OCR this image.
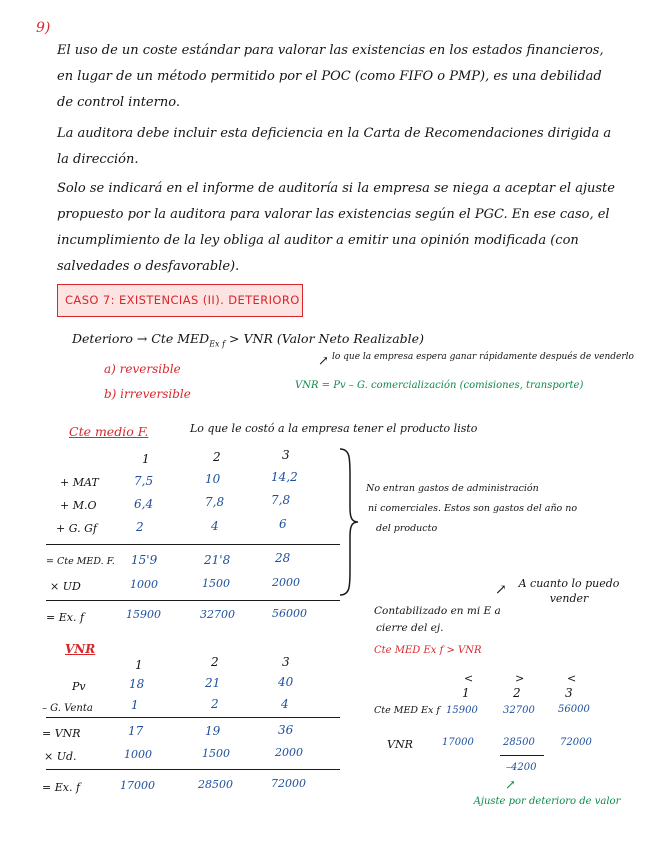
9)
El uso de un coste estándar para valorar las existencias en los estados financieros, en lugar de un método permitido por el POC (como FIFO o PMP), es una debilidad de control interno.
La auditora debe incluir esta deficiencia en la Carta de Recomendaciones dirigida a la dirección.
Solo se indicará en el informe de auditoría si la empresa se niega a aceptar el ajuste propuesto por la auditora para valorar las existencias según el PGC. En ese caso, el incumplimiento de la ley obliga al auditor a emitir una opinión modificada (con salvedades o desfavorable).
CASO 7: EXISTENCIAS (II). DETERIORO
Deterioro → Cte $MED_{Ex f}$ > VNR (Valor Neto Realizable)
a) reversible
b) irreversible
↗ lo que la empresa espera ganar rápidamente después de venderlo
VNR = Pv – G. comercialización (comisiones, transporte)
Cte medio F.	Lo que le costó a la empresa tener el producto listo
1	2	3
+ MAT	7,5	10	14,2
+ M.O	6,4	7,8	7,8
+ G. Gf	2	4	6
= Cte MED. F. 15'9	21'8	28
× UD	1000	1500	2000
= Ex. f	15900	32700	56000
No entran gastos de administración
ni comerciales. Estos son gastos del año no
del producto
VNR
1	2	3
Pv	18	21	40
– G. Venta	1	2	4
= VNR	17	19	36
× Ud.	1000	1500	2000
= Ex. f	17000	28500	72000
↗	A cuanto lo puedo vender
Contabilizado en mi E a
cierre del ej.
Cte MED Ex f > VNR
<	>	<
1	2	3
Cte MED Ex f 15900	32700 56000
VNR	17000	28500	72000
–4200
↗
Ajuste por deterioro de valor
